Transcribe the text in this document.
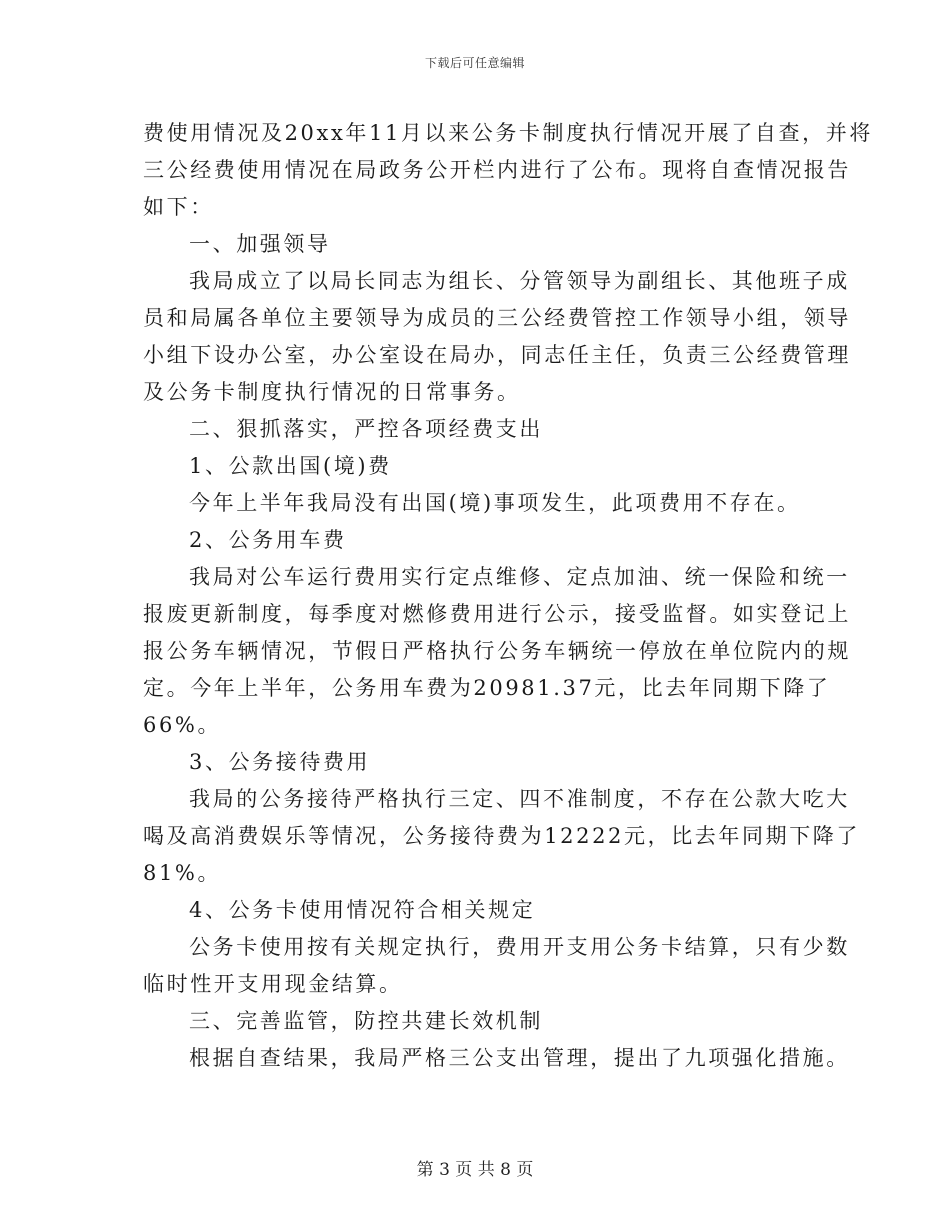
下载后可任意编辑
费使用情况及20xx年11月以来公务卡制度执行情况开展了自查，并将
三公经费使用情况在局政务公开栏内进行了公布。现将自查情况报告
如下：
一、加强领导
我局成立了以局长同志为组长、分管领导为副组长、其他班子成
员和局属各单位主要领导为成员的三公经费管控工作领导小组，领导
小组下设办公室，办公室设在局办，同志任主任，负责三公经费管理
及公务卡制度执行情况的日常事务。
二、狠抓落实，严控各项经费支出
1、公款出国(境)费
今年上半年我局没有出国(境)事项发生，此项费用不存在。
2、公务用车费
我局对公车运行费用实行定点维修、定点加油、统一保险和统一
报废更新制度，每季度对燃修费用进行公示，接受监督。如实登记上
报公务车辆情况，节假日严格执行公务车辆统一停放在单位院内的规
定。今年上半年，公务用车费为20981.37元，比去年同期下降了
66%。
3、公务接待费用
我局的公务接待严格执行三定、四不准制度，不存在公款大吃大
喝及高消费娱乐等情况，公务接待费为12222元，比去年同期下降了
81%。
4、公务卡使用情况符合相关规定
公务卡使用按有关规定执行，费用开支用公务卡结算，只有少数
临时性开支用现金结算。
三、完善监管，防控共建长效机制
根据自查结果，我局严格三公支出管理，提出了九项强化措施。
第 3 页 共 8 页
